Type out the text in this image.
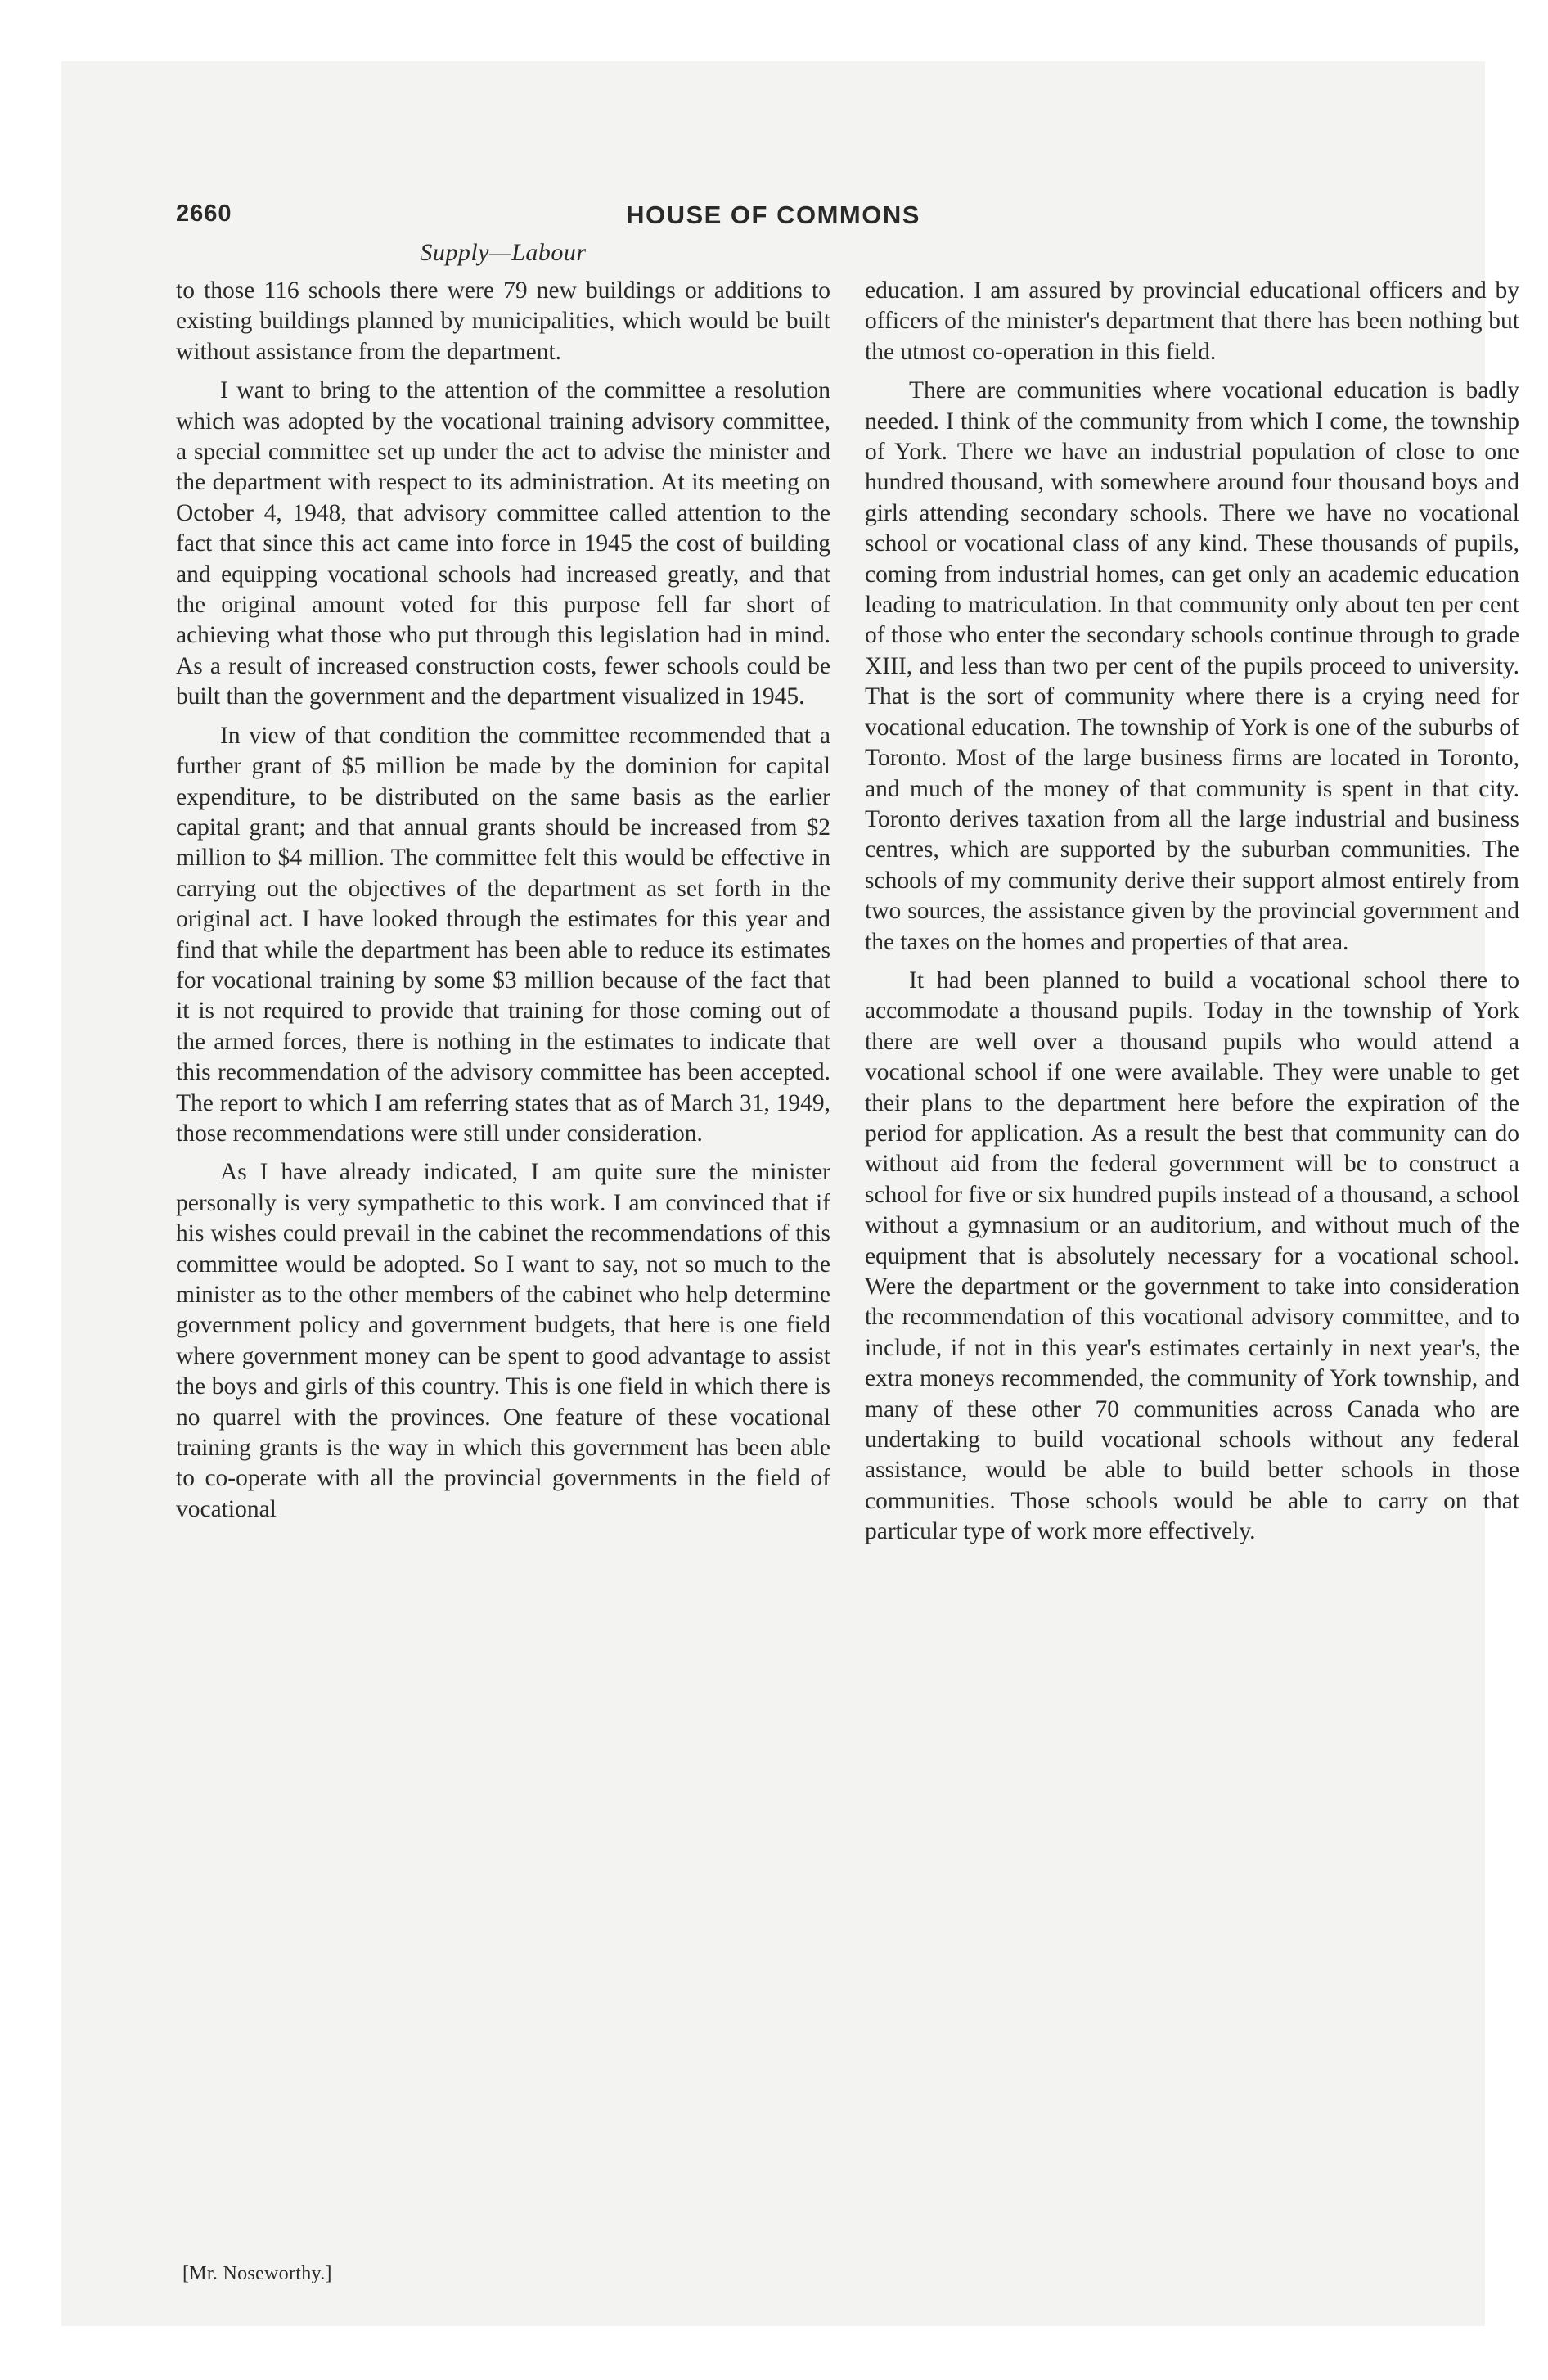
2660	HOUSE OF COMMONS
Supply—Labour

to those 116 schools there were 79 new buildings or additions to existing buildings planned by municipalities, which would be built without assistance from the department.

I want to bring to the attention of the committee a resolution which was adopted by the vocational training advisory committee, a special committee set up under the act to advise the minister and the department with respect to its administration. At its meeting on October 4, 1948, that advisory committee called attention to the fact that since this act came into force in 1945 the cost of building and equipping vocational schools had increased greatly, and that the original amount voted for this purpose fell far short of achieving what those who put through this legislation had in mind. As a result of increased construction costs, fewer schools could be built than the government and the department visualized in 1945.

In view of that condition the committee recommended that a further grant of $5 million be made by the dominion for capital expenditure, to be distributed on the same basis as the earlier capital grant; and that annual grants should be increased from $2 million to $4 million. The committee felt this would be effective in carrying out the objectives of the department as set forth in the original act. I have looked through the estimates for this year and find that while the department has been able to reduce its estimates for vocational training by some $3 million because of the fact that it is not required to provide that training for those coming out of the armed forces, there is nothing in the estimates to indicate that this recommendation of the advisory committee has been accepted. The report to which I am referring states that as of March 31, 1949, those recommendations were still under consideration.

As I have already indicated, I am quite sure the minister personally is very sympathetic to this work. I am convinced that if his wishes could prevail in the cabinet the recommendations of this committee would be adopted. So I want to say, not so much to the minister as to the other members of the cabinet who help determine government policy and government budgets, that here is one field where government money can be spent to good advantage to assist the boys and girls of this country. This is one field in which there is no quarrel with the provinces. One feature of these vocational training grants is the way in which this government has been able to co-operate with all the provincial governments in the field of vocational

education. I am assured by provincial educational officers and by officers of the minister's department that there has been nothing but the utmost co-operation in this field.

There are communities where vocational education is badly needed. I think of the community from which I come, the township of York. There we have an industrial population of close to one hundred thousand, with somewhere around four thousand boys and girls attending secondary schools. There we have no vocational school or vocational class of any kind. These thousands of pupils, coming from industrial homes, can get only an academic education leading to matriculation. In that community only about ten per cent of those who enter the secondary schools continue through to grade XIII, and less than two per cent of the pupils proceed to university. That is the sort of community where there is a crying need for vocational education. The township of York is one of the suburbs of Toronto. Most of the large business firms are located in Toronto, and much of the money of that community is spent in that city. Toronto derives taxation from all the large industrial and business centres, which are supported by the suburban communities. The schools of my community derive their support almost entirely from two sources, the assistance given by the provincial government and the taxes on the homes and properties of that area.

It had been planned to build a vocational school there to accommodate a thousand pupils. Today in the township of York there are well over a thousand pupils who would attend a vocational school if one were available. They were unable to get their plans to the department here before the expiration of the period for application. As a result the best that community can do without aid from the federal government will be to construct a school for five or six hundred pupils instead of a thousand, a school without a gymnasium or an auditorium, and without much of the equipment that is absolutely necessary for a vocational school. Were the department or the government to take into consideration the recommendation of this vocational advisory committee, and to include, if not in this year's estimates certainly in next year's, the extra moneys recommended, the community of York township, and many of these other 70 communities across Canada who are undertaking to build vocational schools without any federal assistance, would be able to build better schools in those communities. Those schools would be able to carry on that particular type of work more effectively.

[Mr. Noseworthy.]
